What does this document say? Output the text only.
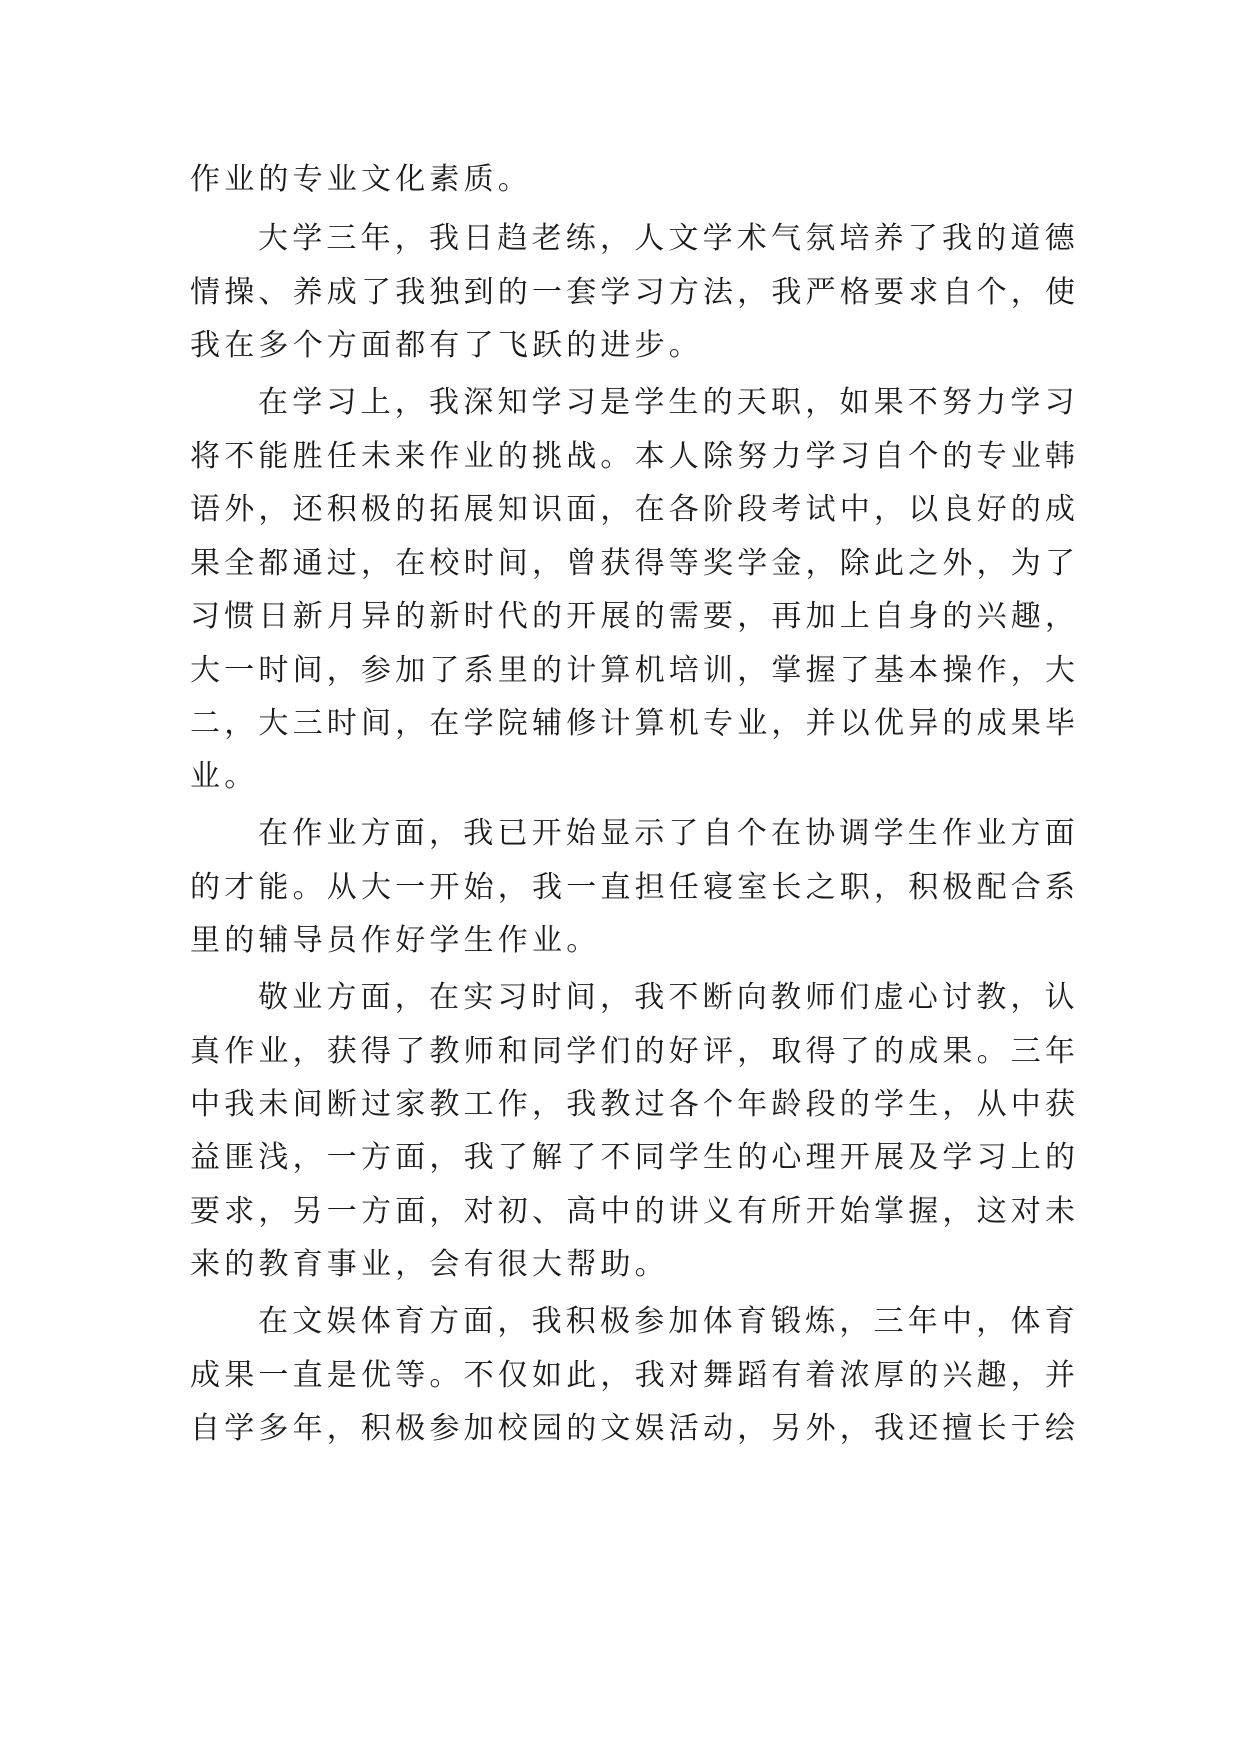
作业的专业文化素质。
大学三年，我日趋老练，人文学术气氛培养了我的道德
情操、养成了我独到的一套学习方法，我严格要求自个，使
我在多个方面都有了飞跃的进步。
在学习上，我深知学习是学生的天职，如果不努力学习
将不能胜任未来作业的挑战。本人除努力学习自个的专业韩
语外，还积极的拓展知识面，在各阶段考试中，以良好的成
果全都通过，在校时间，曾获得等奖学金，除此之外，为了
习惯日新月异的新时代的开展的需要，再加上自身的兴趣，
大一时间，参加了系里的计算机培训，掌握了基本操作，大
二，大三时间，在学院辅修计算机专业，并以优异的成果毕
业。
在作业方面，我已开始显示了自个在协调学生作业方面
的才能。从大一开始，我一直担任寝室长之职，积极配合系
里的辅导员作好学生作业。
敬业方面，在实习时间，我不断向教师们虚心讨教，认
真作业，获得了教师和同学们的好评，取得了的成果。三年
中我未间断过家教工作，我教过各个年龄段的学生，从中获
益匪浅，一方面，我了解了不同学生的心理开展及学习上的
要求，另一方面，对初、高中的讲义有所开始掌握，这对未
来的教育事业，会有很大帮助。
在文娱体育方面，我积极参加体育锻炼，三年中，体育
成果一直是优等。不仅如此，我对舞蹈有着浓厚的兴趣，并
自学多年，积极参加校园的文娱活动，另外，我还擅长于绘
